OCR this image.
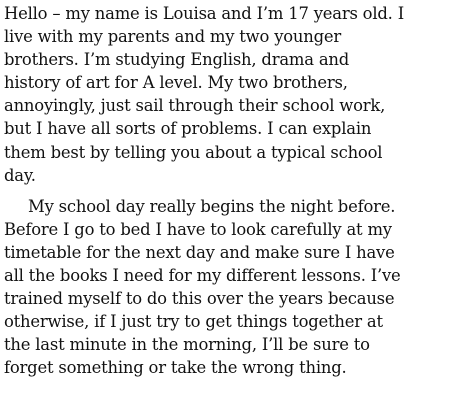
Hello – my name is Louisa and I’m 17 years old. I
live with my parents and my two younger
brothers. I’m studying English, drama and
history of art for A level. My two brothers,
annoyingly, just sail through their school work,
but I have all sorts of problems. I can explain
them best by telling you about a typical school
day.

My school day really begins the night before.
Before I go to bed I have to look carefully at my
timetable for the next day and make sure I have
all the books I need for my different lessons. I’ve
trained myself to do this over the years because
otherwise, if I just try to get things together at
the last minute in the morning, I’ll be sure to
forget something or take the wrong thing.
